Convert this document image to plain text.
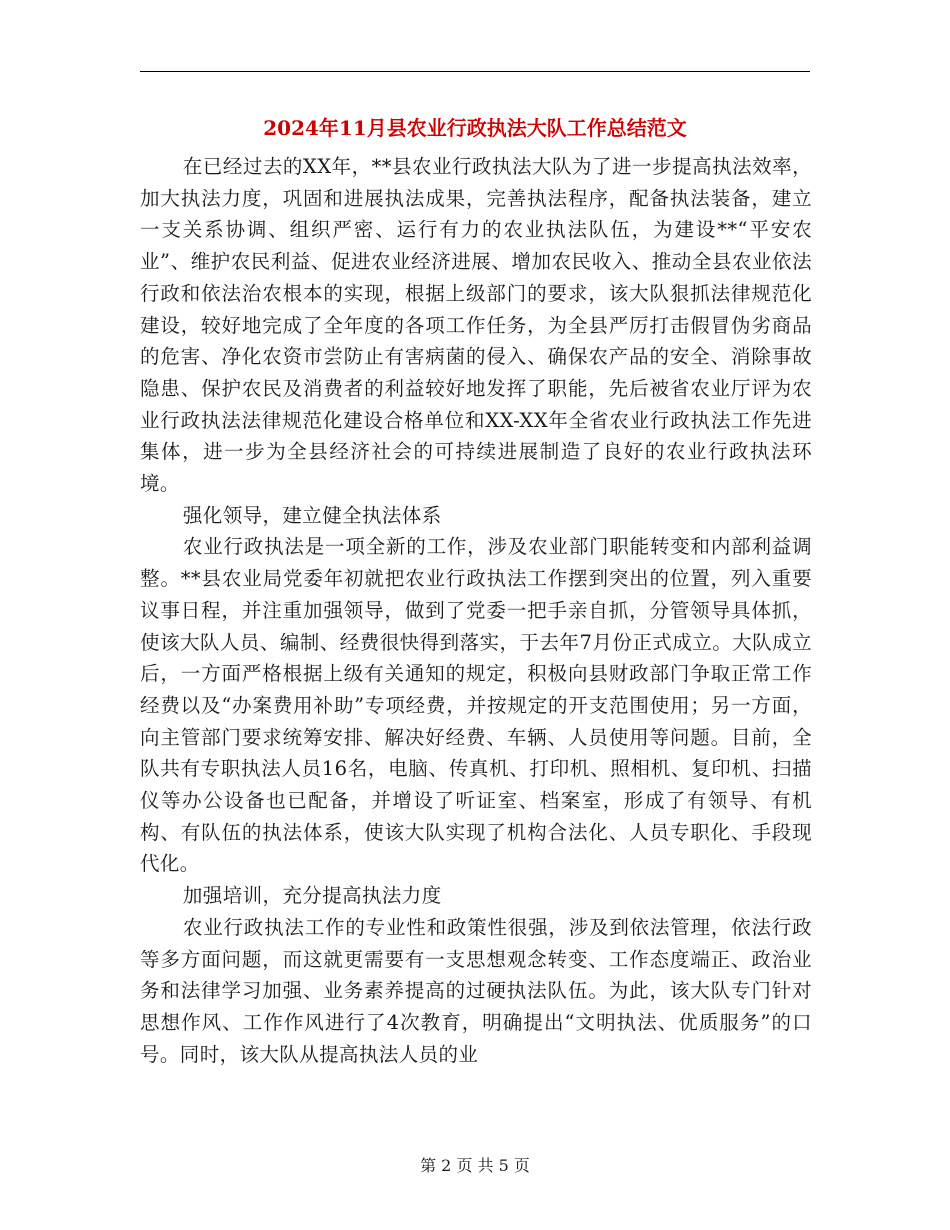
2024年11月县农业行政执法大队工作总结范文

在已经过去的XX年，**县农业行政执法大队为了进一步提高执法效率，加大执法力度，巩固和进展执法成果，完善执法程序，配备执法装备，建立一支关系协调、组织严密、运行有力的农业执法队伍，为建设**“平安农业”、维护农民利益、促进农业经济进展、增加农民收入、推动全县农业依法行政和依法治农根本的实现，根据上级部门的要求，该大队狠抓法律规范化建设，较好地完成了全年度的各项工作任务，为全县严厉打击假冒伪劣商品的危害、净化农资市尝防止有害病菌的侵入、确保农产品的安全、消除事故隐患、保护农民及消费者的利益较好地发挥了职能，先后被省农业厅评为农业行政执法法律规范化建设合格单位和XX-XX年全省农业行政执法工作先进集体，进一步为全县经济社会的可持续进展制造了良好的农业行政执法环境。

强化领导，建立健全执法体系

农业行政执法是一项全新的工作，涉及农业部门职能转变和内部利益调整。**县农业局党委年初就把农业行政执法工作摆到突出的位置，列入重要议事日程，并注重加强领导，做到了党委一把手亲自抓，分管领导具体抓，使该大队人员、编制、经费很快得到落实，于去年7月份正式成立。大队成立后，一方面严格根据上级有关通知的规定，积极向县财政部门争取正常工作经费以及“办案费用补助”专项经费，并按规定的开支范围使用；另一方面，向主管部门要求统筹安排、解决好经费、车辆、人员使用等问题。目前，全队共有专职执法人员16名，电脑、传真机、打印机、照相机、复印机、扫描仪等办公设备也已配备，并增设了听证室、档案室，形成了有领导、有机构、有队伍的执法体系，使该大队实现了机构合法化、人员专职化、手段现代化。

加强培训，充分提高执法力度

农业行政执法工作的专业性和政策性很强，涉及到依法管理，依法行政等多方面问题，而这就更需要有一支思想观念转变、工作态度端正、政治业务和法律学习加强、业务素养提高的过硬执法队伍。为此，该大队专门针对思想作风、工作作风进行了4次教育，明确提出“文明执法、优质服务”的口号。同时，该大队从提高执法人员的业

第 2 页 共 5 页
